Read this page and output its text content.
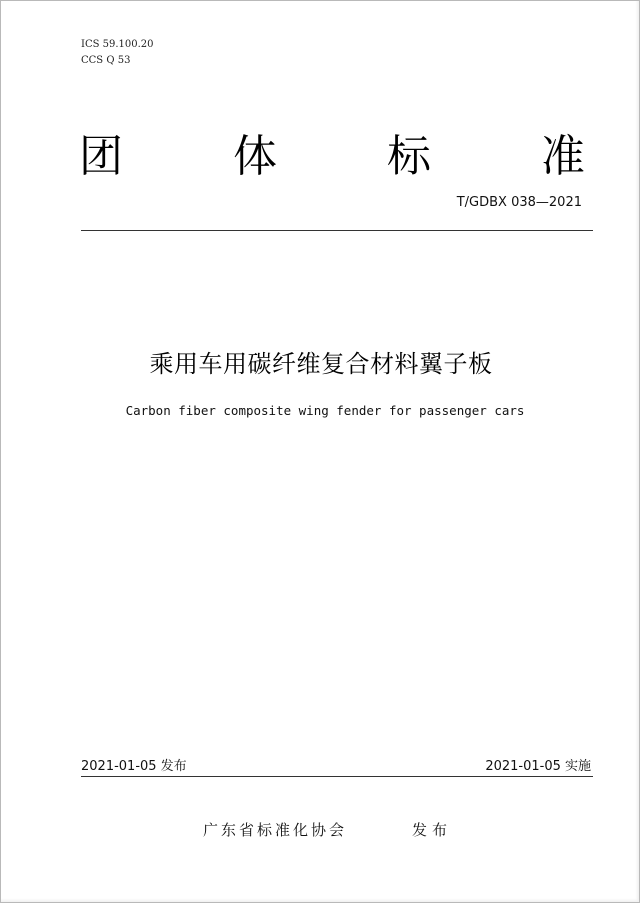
ICS 59.100.20
CCS Q 53
团	体	标	准
T/GDBX 038—2021
乘用车用碳纤维复合材料翼子板
Carbon fiber composite wing fender for passenger cars
2021-01-05 发布	2021-01-05 实施
广东省标准化协会	发布
